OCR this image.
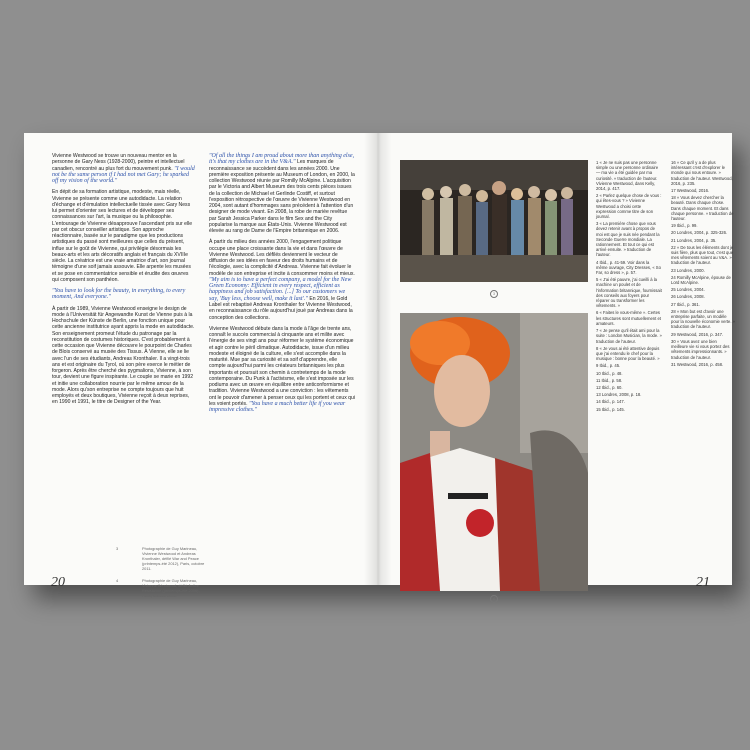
Vivienne Westwood se trouve un nouveau mentor en la personne de Gary Ness (1928-2000), peintre et intellectuel canadien, rencontré au plus fort du mouvement punk. "I would not be the same person if I had not met Gary; he sparked off my vision of the world."

En dépit de sa formation artistique, modeste, mais réelle, Vivienne se présente comme une autodidacte. La relation d'échange et d'émulation intellectuelle tissée avec Gary Ness lui permet d'orienter ses lectures et de développer ses connaissances sur l'art, la musique ou la philosophie. L'entourage de Vivienne désapprouve l'ascendant pris sur elle par cet obscur conseiller artistique. Son approche réactionnaire, basée sur le paradigme que les productions artistiques du passé sont meilleures que celles du présent, influe sur le goût de Vivienne, qui privilégie désormais les beaux-arts et les arts décoratifs anglais et français du XVIIIe siècle. La créatrice est une vraie amatrice d'art, son journal témoigne d'une soif jamais assouvie. Elle arpente les musées et se pose en commentatrice sensible et érudite des œuvres qui composent son panthéon.

"You have to look for the beauty, in everything, to every moment, And everyone."

À partir de 1989, Vivienne Westwood enseigne le design de mode à l'Universität für Angewandte Kunst de Vienne puis à la Hochschule der Künste de Berlin, une fonction unique pour cette ancienne institutrice ayant appris la mode en autodidacte. Son enseignement promeut l'étude du patronage par la reconstitution de costumes historiques. C'est probablement à cette occasion que Vivienne découvre le pourpoint de Charles de Blois conservé au musée des Tissus. À Vienne, elle se lie avec l'un de ses étudiants, Andreas Kronthaler. Il a vingt-trois ans et est originaire du Tyrol, où son père exerce le métier de forgeron. Après être cherché des pygmalions, Vivienne, à son tour, devient une figure inspirante. Le couple se marie en 1992 et initie une collaboration nourrie par le même amour de la mode. Alors qu'son entreprise ne compte toujours que huit employés et deux boutiques, Vivienne reçoit à deux reprises, en 1990 et 1991, le titre de Designer of the Year.

"Of all the things I am proud about more than anything else, it's that my clothes are in the V&A." Les marques de reconnaissance se succèdent dans les années 2000. Une première exposition présente au Museum of London, en 2000, la collection Westwood réunie par Romilly McAlpine. L'acquisition par le Victoria and Albert Museum des trois cents pièces issues de la collection de Michael et Gerlinde Costiff, et surtout l'exposition rétrospective de l'œuvre de Vivienne Westwood en 2004, sont autant d'hommages sans précédent à l'attention d'un designer de mode vivant. En 2008, la robe de mariée revêtue par Sarah Jessica Parker dans le film Sex and the City popularise la marque aux États-Unis. Vivienne Westwood est élevée au rang de Dame de l'Empire britannique en 2006.

À partir du milieu des années 2000, l'engagement politique occupe une place croissante dans la vie et dans l'œuvre de Vivienne Westwood. Les défilés deviennent le vecteur de diffusion de ses idées en faveur des droits humains et de l'écologie, avec la complicité d'Andreas. Vivienne fait évoluer le modèle de son entreprise et incite à consommer moins et mieux. "My aim is to have a perfect company, a model for the New Green Economy: Efficient in every respect, efficient as happiness and job satisfaction. [...] To our customers we say, 'Buy less, choose well, make it last'." En 2016, le Gold Label est rebaptisé Andreas Kronthaler for Vivienne Westwood, en reconnaissance du rôle aujourd'hui joué par Andreas dans la conception des collections.

Vivienne Westwood débute dans la mode à l'âge de trente ans, connaît le succès commercial à cinquante ans et milite avec l'énergie de ses vingt ans pour réformer le système économique et agir contre le péril climatique. Autodidacte, issue d'un milieu modeste et éloigné de la culture, elle s'est accomplie dans la maturité. Mue par sa curiosité et sa soif d'apprendre, elle compte aujourd'hui parmi les créateurs britanniques les plus importants et poursuit son chemin à contretemps de la mode contemporaine. Du Punk à l'activisme, elle s'est imposée sur les podiums avec un œuvre en équilibre entre anticonformisme et tradition. Vivienne Westwood a une conviction : les vêtements ont le pouvoir d'amener à penser ceux qui les portent et ceux qui les voient portés. "You have a much better life if you wear impressive clothes."

3	Photographie de Guy Marineau, Vivienne Westwood et Andreas Kronthaler, défilé War and Peace (printemps-été 2012), Paris, octobre 2011.
4	Photographie de Guy Marineau, Vivienne Westwood, défilé Active Resistance (printemps-été 2006), Paris, octobre 2005.
20
3
4

1 « Je ne suis pas une personne simple ou une personne ordinaire — ma vie a été guidée par ma curiosité. » traduction de l'auteur. Vivienne Westwood, dans Kelly, 2014, p. 417.

2 « Parlez quelque chose de vous : qui êtes-vous ? » Vivienne Westwood a choisi cette expression comme titre de son journal.

3 « La première chose que vous devez retenir avant à propos de moi est que je suis née pendant la Seconde Guerre mondiale. La rationnement. Et tout ce qui est arrivé ensuite. » traduction de l'auteur.

4 Ibid., p. 41-59. Voir dans la même ouvrage, City Dresses, « So Far, so dress », p. 57.

5 « J'ai été pauvre, j'ai cueilli à la machine un poulet et de l'information britannique, fournissait des conseils aux foyers pour réparer ou transformer les vêtements. »

6 « Faites le vous-même ». Certes les structures sont mutuellement et amateurs.

7 « Je pense qu'il était ami pour la suite : London Musician, la mode. » traduction de l'auteur.

8 « Je vous ai été attentive depuis que j'ai entendu le chef pour la musique : bonne pour la beauté. »

9 Ibid., p. 45.

10 Ibid., p. 48.

11 Ibid., p. 58.

12 Ibid., p. 60.

13 Londres, 2008, p. 18.

14 Ibid., p. 147.

15 Ibid., p. 145.

16 « Ce qu'il y a de plus intéressant c'est d'explorer le monde qui nous entoure. » traduction de l'auteur. Westwood, 2016, p. 235.

17 Westwood, 2016.

18 « Vous devez chercher la beauté. Dans chaque chose. Dans chaque moment. Et dans chaque personne. » traduction de l'auteur.

19 Ibid., p. 99.

20 Londres, 2004, p. 325-326.

21 Londres, 2004, p. 35.

22 « De tous les éléments dont je suis fière, plus que tout, c'est que mes vêtements soient au V&A. » traduction de l'auteur.

23 Londres, 2000.

24 Romilly McAlpine, épouse de Lord McAlpine.

25 Londres, 2004.

26 Londres, 2008.

27 Ibid., p. 361.

28 « Mon but est d'avoir une entreprise parfaite, un modèle pour la nouvelle économie verte. » traduction de l'auteur.

29 Westwood, 2016, p. 347.

30 « Vous avez une bien meilleure vie si vous portez des vêtements impressionnants. » traduction de l'auteur.

31 Westwood, 2016, p. 458.

21
